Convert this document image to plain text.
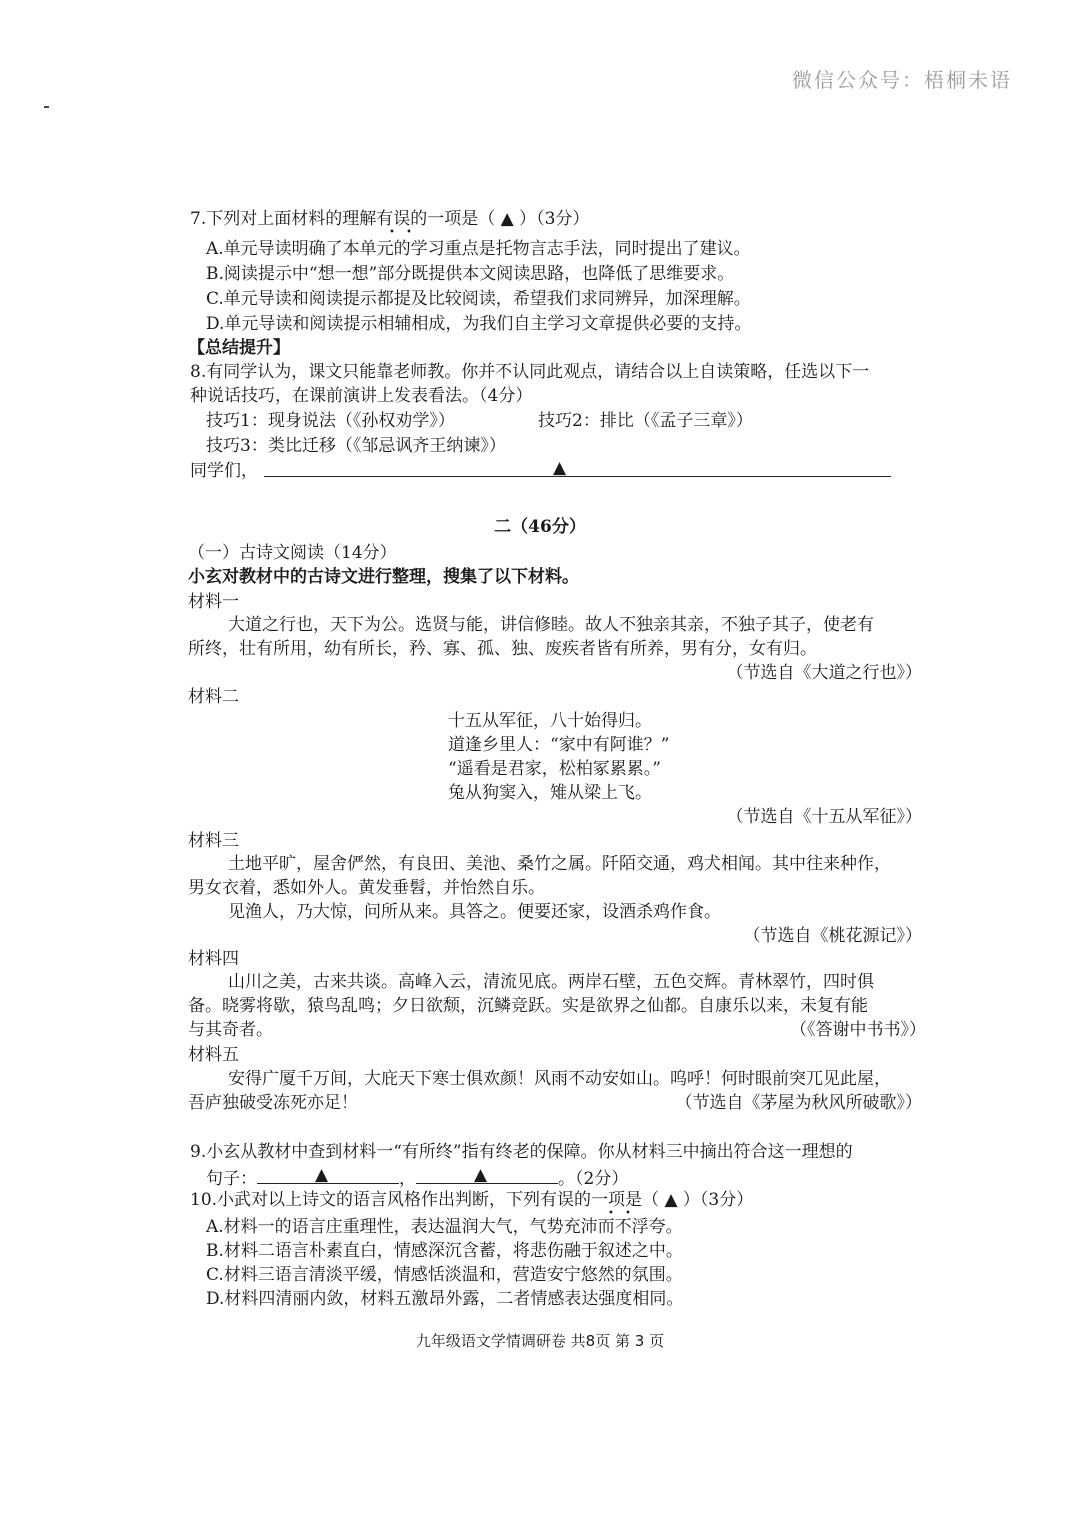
微信公众号：梧桐未语
7.下列对上面材料的理解有误的一项是（ ▲ ）（3分）
• •
A.单元导读明确了本单元的学习重点是托物言志手法，同时提出了建议。
B.阅读提示中“想一想”部分既提供本文阅读思路，也降低了思维要求。
C.单元导读和阅读提示都提及比较阅读，希望我们求同辨异，加深理解。
D.单元导读和阅读提示相辅相成，为我们自主学习文章提供必要的支持。
【总结提升】
8.有同学认为，课文只能靠老师教。你并不认同此观点，请结合以上自读策略，任选以下一
种说话技巧，在课前演讲上发表看法。（4分）
技巧1：现身说法（《孙权劝学》）	技巧2：排比（《孟子三章》）
技巧3：类比迁移（《邹忌讽齐王纳谏》）
同学们，	▲
二（46分）
（一）古诗文阅读（14分）
小玄对教材中的古诗文进行整理，搜集了以下材料。
材料一
大道之行也，天下为公。选贤与能，讲信修睦。故人不独亲其亲，不独子其子，使老有
所终，壮有所用，幼有所长，矜、寡、孤、独、废疾者皆有所养，男有分，女有归。
（节选自《大道之行也》）
材料二
十五从军征，八十始得归。
道逢乡里人：“家中有阿谁？”
“遥看是君家，松柏冢累累。”
兔从狗窦入，雉从梁上飞。
（节选自《十五从军征》）
材料三
土地平旷，屋舍俨然，有良田、美池、桑竹之属。阡陌交通，鸡犬相闻。其中往来种作，
男女衣着，悉如外人。黄发垂髫，并怡然自乐。
见渔人，乃大惊，问所从来。具答之。便要还家，设酒杀鸡作食。
（节选自《桃花源记》）
材料四
山川之美，古来共谈。高峰入云，清流见底。两岸石壁，五色交辉。青林翠竹，四时俱
备。晓雾将歇，猿鸟乱鸣；夕日欲颓，沉鳞竞跃。实是欲界之仙都。自康乐以来，未复有能
与其奇者。	（《答谢中书书》）
材料五
安得广厦千万间，大庇天下寒士俱欢颜！风雨不动安如山。呜呼！何时眼前突兀见此屋，
吾庐独破受冻死亦足！	（节选自《茅屋为秋风所破歌》）
9.小玄从教材中查到材料一“有所终”指有终老的保障。你从材料三中摘出符合这一理想的
句子：	▲	，	▲	。（2分）
10.小武对以上诗文的语言风格作出判断，下列有误的一项是（ ▲ ）（3分）
• •
A.材料一的语言庄重理性，表达温润大气，气势充沛而不浮夸。
B.材料二语言朴素直白，情感深沉含蓄，将悲伤融于叙述之中。
C.材料三语言清淡平缓，情感恬淡温和，营造安宁悠然的氛围。
D.材料四清丽内敛，材料五激昂外露，二者情感表达强度相同。
九年级语文学情调研卷 共8页 第 3 页
